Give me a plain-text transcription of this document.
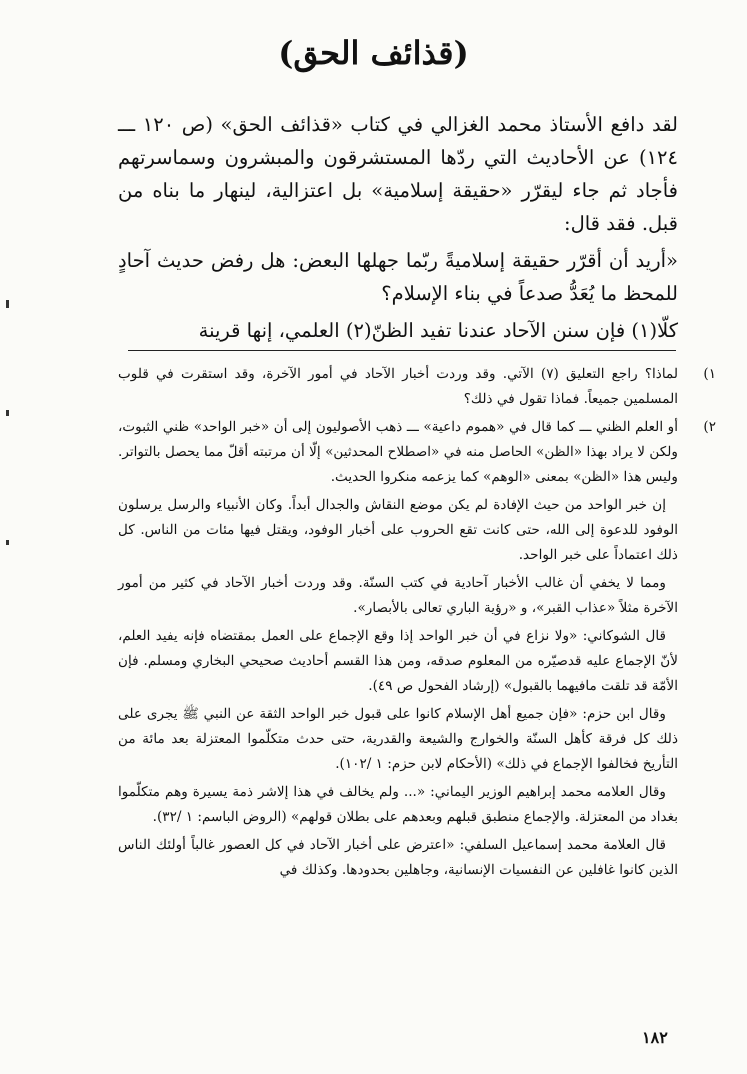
(قذائف الحق)

لقد دافع الأستاذ محمد الغزالي في كتاب «قذائف الحق» (ص ١٢٠ ـــ ١٢٤) عن الأحاديث التي ردّها المستشرقون والمبشرون وسماسرتهم فأجاد ثم جاء ليقرّر «حقيقة إسلامية» بل اعتزالية، لينهار ما بناه من قبل. فقد قال:

«أريد أن أقرّر حقيقة إسلاميةً ربّما جهلها البعض: هل رفض حديث آحادٍ للمحظ ما يُعَدُّ صدعاً في بناء الإسلام؟

كلّا(١) فإن سنن الآحاد عندنا تفيد الظنّ(٢) العلمي، إنها قرينة

١)
لماذا؟ راجع التعليق (٧) الآتي. وقد وردت أخبار الآحاد في أمور الآخرة، وقد استقرت في قلوب المسلمين جميعاً. فماذا تقول في ذلك؟
٢)
أو العلم الظني ـــ كما قال في «هموم داعية» ـــ ذهب الأصوليون إلى أن «خبر الواحد» ظني الثبوت، ولكن لا يراد بهذا «الظن» الحاصل منه في «اصطلاح المحدثين» إلّا أن مرتبته أقلّ مما يحصل بالتواتر. وليس هذا «الظن» بمعنى «الوهم» كما يزعمه منكروا الحديث.

إن خبر الواحد من حيث الإفادة لم يكن موضع النقاش والجدال أبداً. وكان الأنبياء والرسل يرسلون الوفود للدعوة إلى الله، حتى كانت تقع الحروب على أخبار الوفود، ويقتل فيها مئات من الناس. كل ذلك اعتماداً على خبر الواحد.

ومما لا يخفي أن غالب الأخبار آحادية في كتب السنّة. وقد وردت أخبار الآحاد في كثير من أمور الآخرة مثلاً «عذاب القبر»، و «رؤية الباري تعالى بالأبصار».

قال الشوكاني: «ولا نزاع في أن خبر الواحد إذا وقع الإجماع على العمل بمقتضاه فإنه يفيد العلم، لأنّ الإجماع عليه قدصيّره من المعلوم صدقه، ومن هذا القسم أحاديث صحيحي البخاري ومسلم. فإن الأمّة قد تلقت مافيهما بالقبول» (إرشاد الفحول ص ٤٩).

وقال ابن حزم: «فإن جميع أهل الإسلام كانوا على قبول خبر الواحد الثقة عن النبي ﷺ يجرى على ذلك كل فرقة كأهل السنّة والخوارج والشيعة والقدرية، حتى حدث متكلّموا المعتزلة بعد مائة من التأريخ فخالفوا الإجماع في ذلك» (الأحكام لابن حزم: ١ /١٠٢).

وقال العلامه محمد إبراهيم الوزير اليماني: «... ولم يخالف في هذا إلاشر ذمة يسيرة وهم متكلّموا بغداد من المعتزلة. والإجماع منطبق قبلهم وبعدهم على بطلان قولهم» (الروض الباسم: ١ /٣٢).

قال العلامة محمد إسماعيل السلفي: «اعترض على أخبار الآحاد في كل العصور غالباً أولئك الناس الذين كانوا غافلين عن النفسيات الإنسانية، وجاهلين بحدودها. وكذلك في

١٨٢
